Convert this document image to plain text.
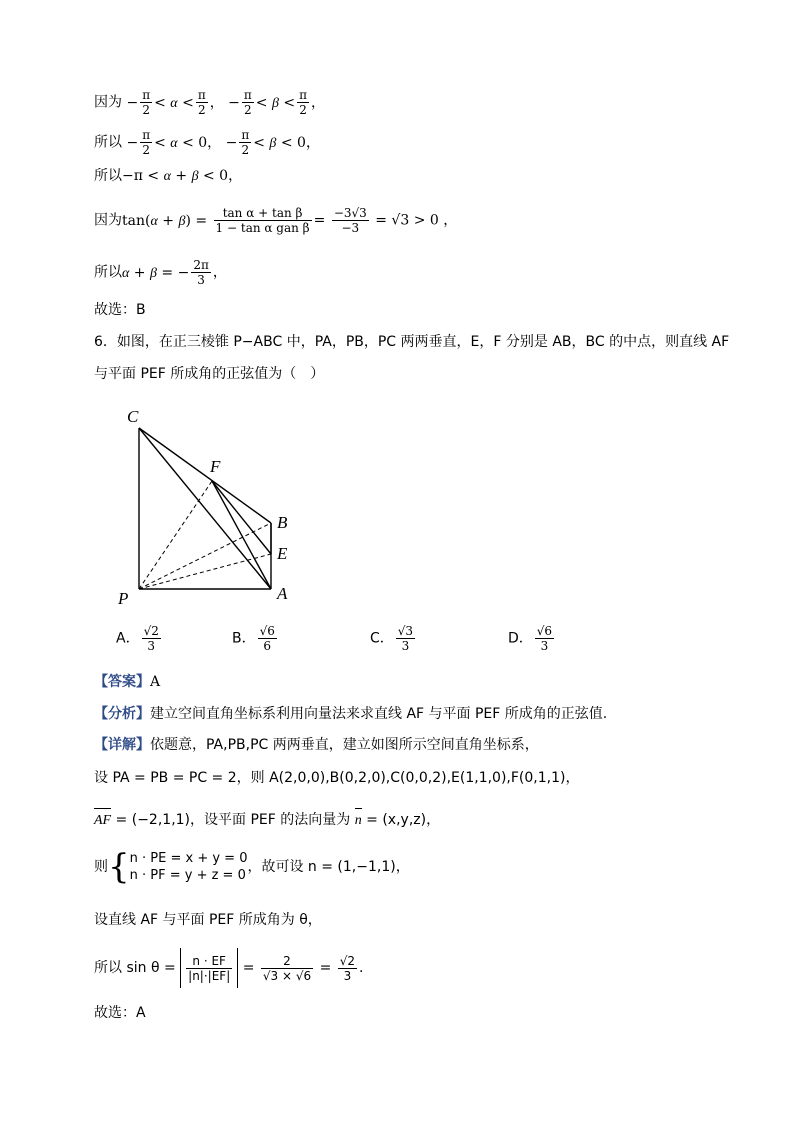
因为 − $\frac{\pi}{2} < \alpha < \frac{\pi}{2}$ ， − $\frac{\pi}{2} < \beta < \frac{\pi}{2}$ ，
所以 − $\frac{\pi}{2} < \alpha < 0$， − $\frac{\pi}{2} < \beta < 0$，
所以−π < α + β < 0，
因为$\tan(\alpha + \beta) = \frac{\text{tan α + tan β}}{\text{1 − tan α gan β}} = \frac{-3√3}{-3} = √3 > 0$ ，
所以α + β = − $\frac{2\pi}{3}$ ，
故选：B
6．如图，在正三棱锥 P−ABC 中，PA，PB，PC 两两垂直，E，F 分别是 AB，BC 的中点，则直线 AF
与平面 PEF 所成角的正弦值为（　）
C
F
B
E
P	A
A． $\frac{√2}{3}$	B． $\frac{√6}{6}$	C． $\frac{√3}{3}$	D． $\frac{√6}{3}$
【答案】A
【分析】建立空间直角坐标系利用向量法来求直线 AF 与平面 PEF 所成角的正弦值.
【详解】依题意，PA,PB,PC 两两垂直，建立如图所示空间直角坐标系，
设 PA = PB = PC = 2，则 A(2,0,0),B(0,2,0),C(0,0,2),E(1,1,0),F(0,1,1)，
AF = (−2,1,1)，设平面 PEF 的法向量为 n = (x,y,z)，
则{ n · PE = x + y = 0
n · PF = y + z = 0
，故可设 n = (1,−1,1)，
设直线 AF 与平面 PEF 所成角为 θ，
所以 $\sin \theta = \frac{n \cdot EF}{|n|\cdot|EF|} = \frac{2}{√3 \times √6} = \frac{√2}{3}$ .
故选：A
